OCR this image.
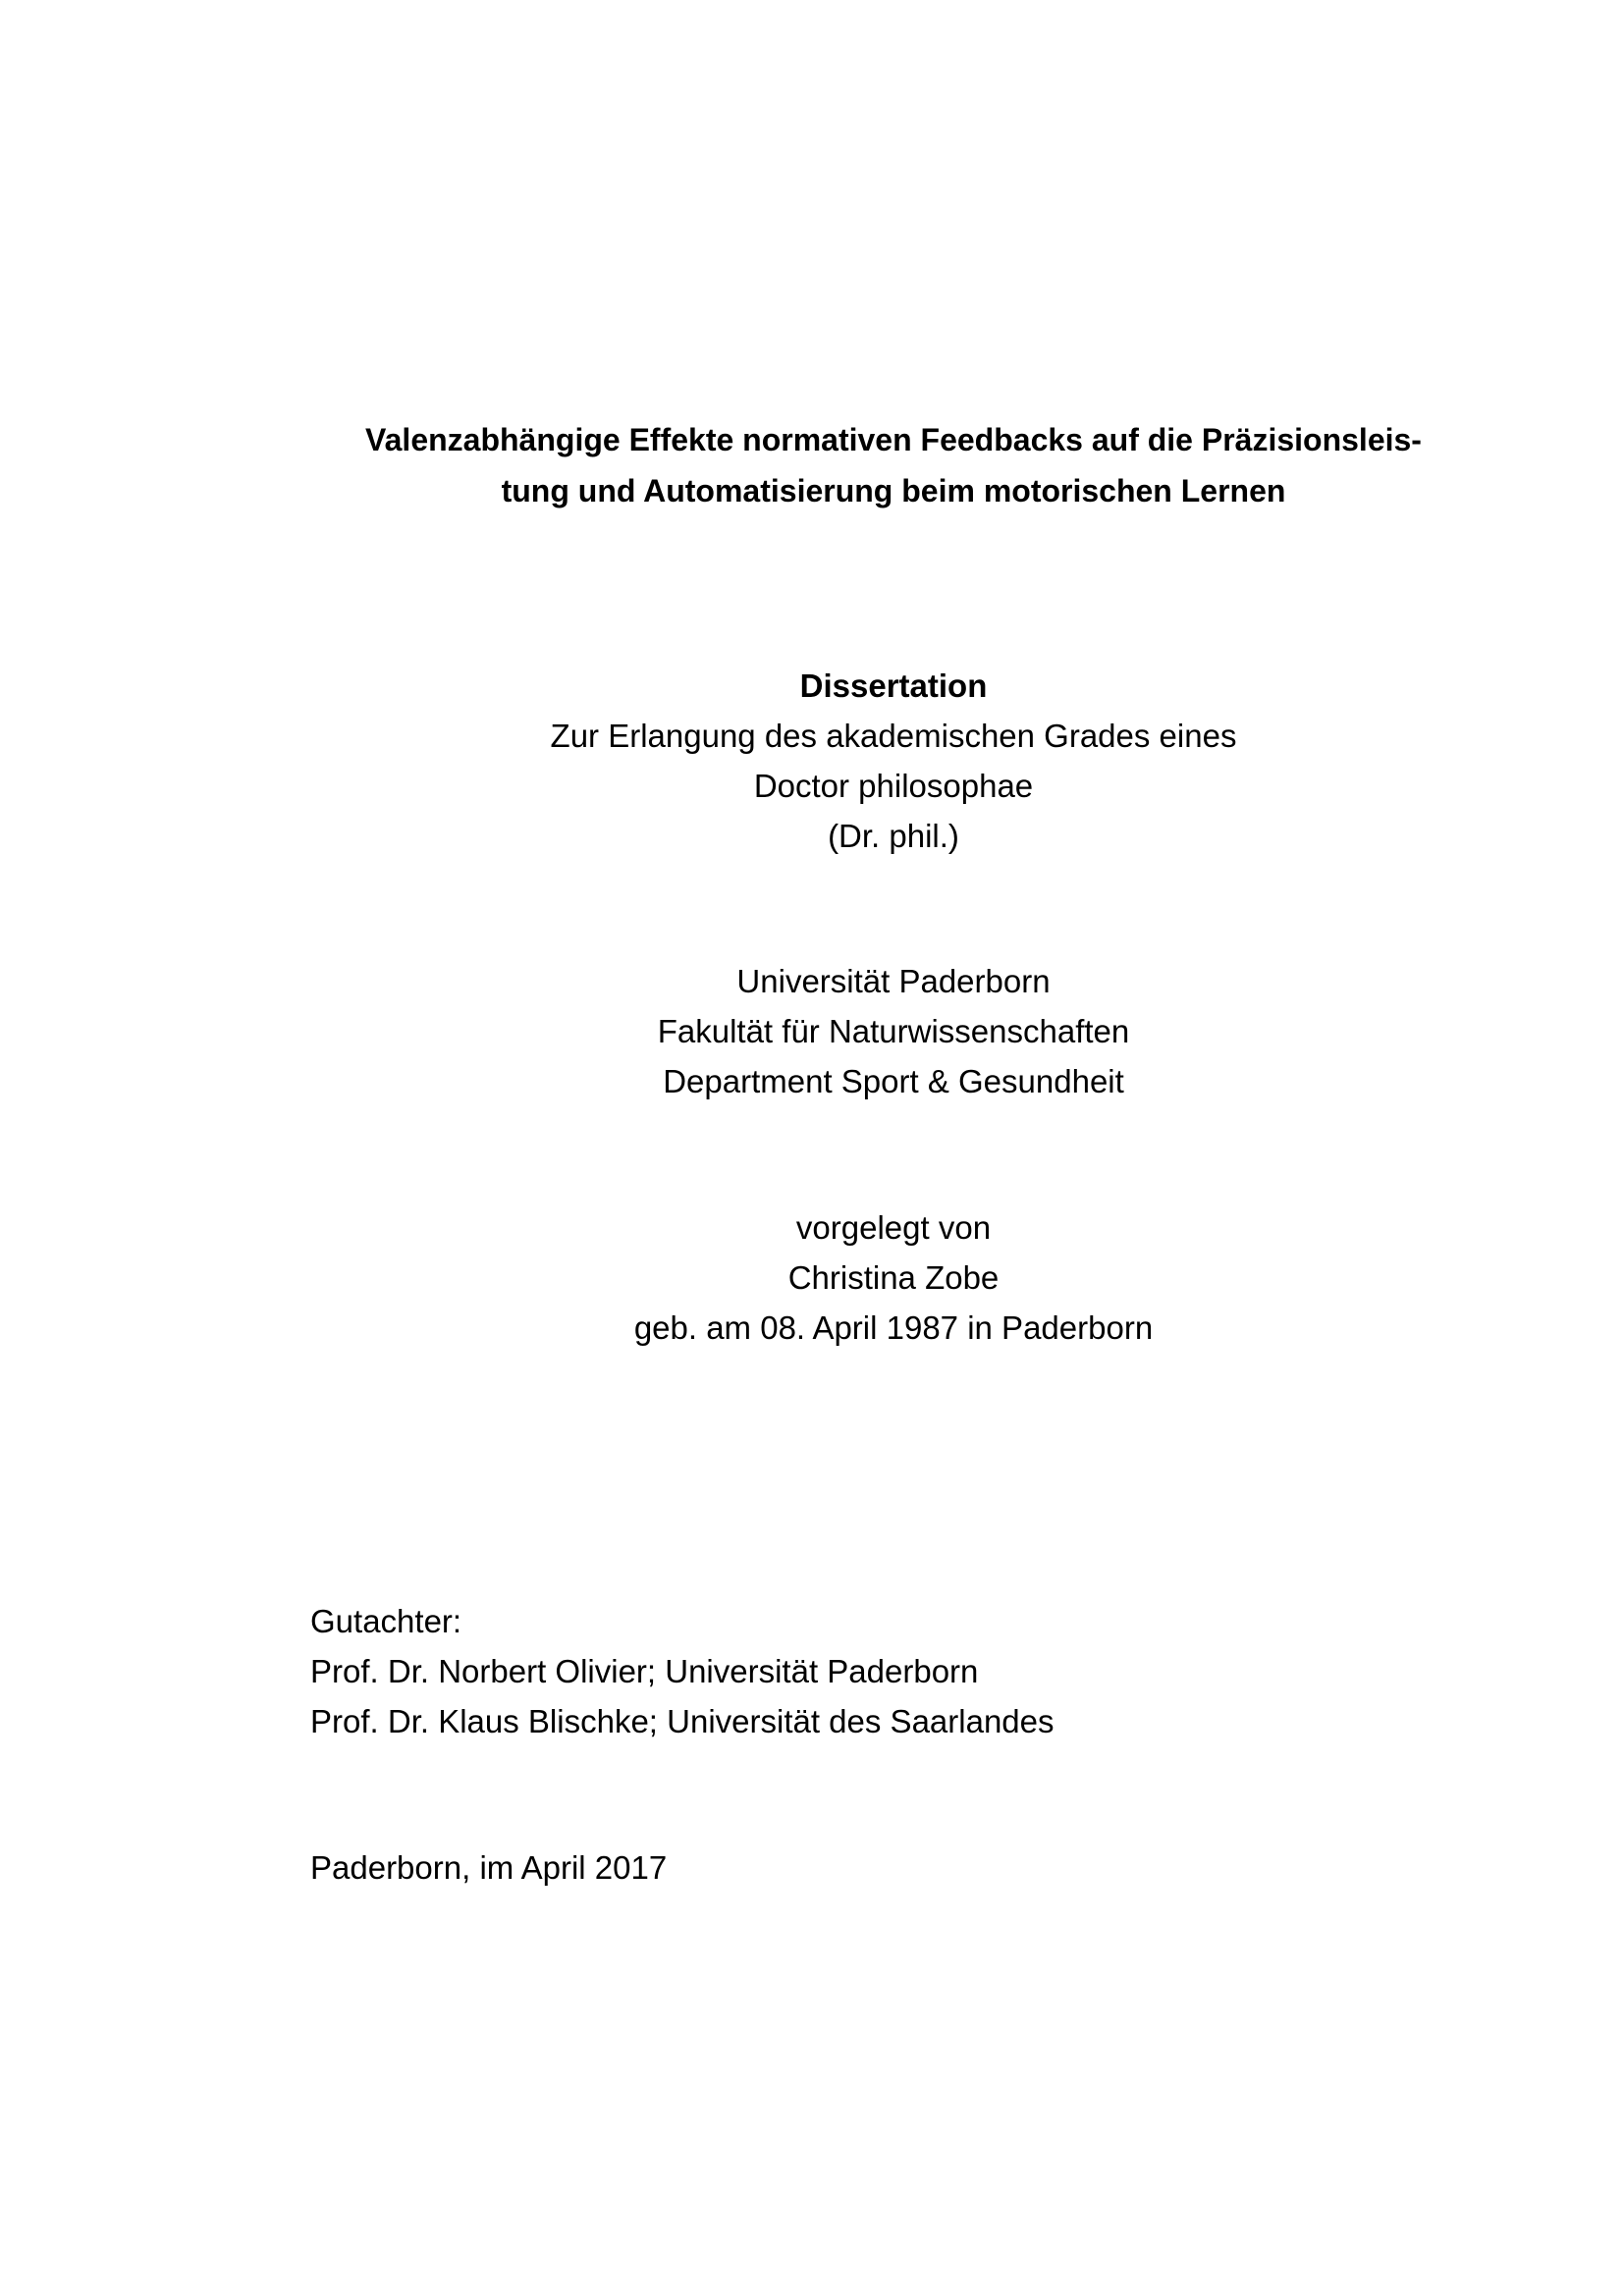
Valenzabhängige Effekte normativen Feedbacks auf die Präzisionsleis-
tung und Automatisierung beim motorischen Lernen
Dissertation
Zur Erlangung des akademischen Grades eines
Doctor philosophae
(Dr. phil.)
Universität Paderborn
Fakultät für Naturwissenschaften
Department Sport & Gesundheit
vorgelegt von
Christina Zobe
geb. am 08. April 1987 in Paderborn
Gutachter:
Prof. Dr. Norbert Olivier; Universität Paderborn
Prof. Dr. Klaus Blischke; Universität des Saarlandes
Paderborn, im April 2017
